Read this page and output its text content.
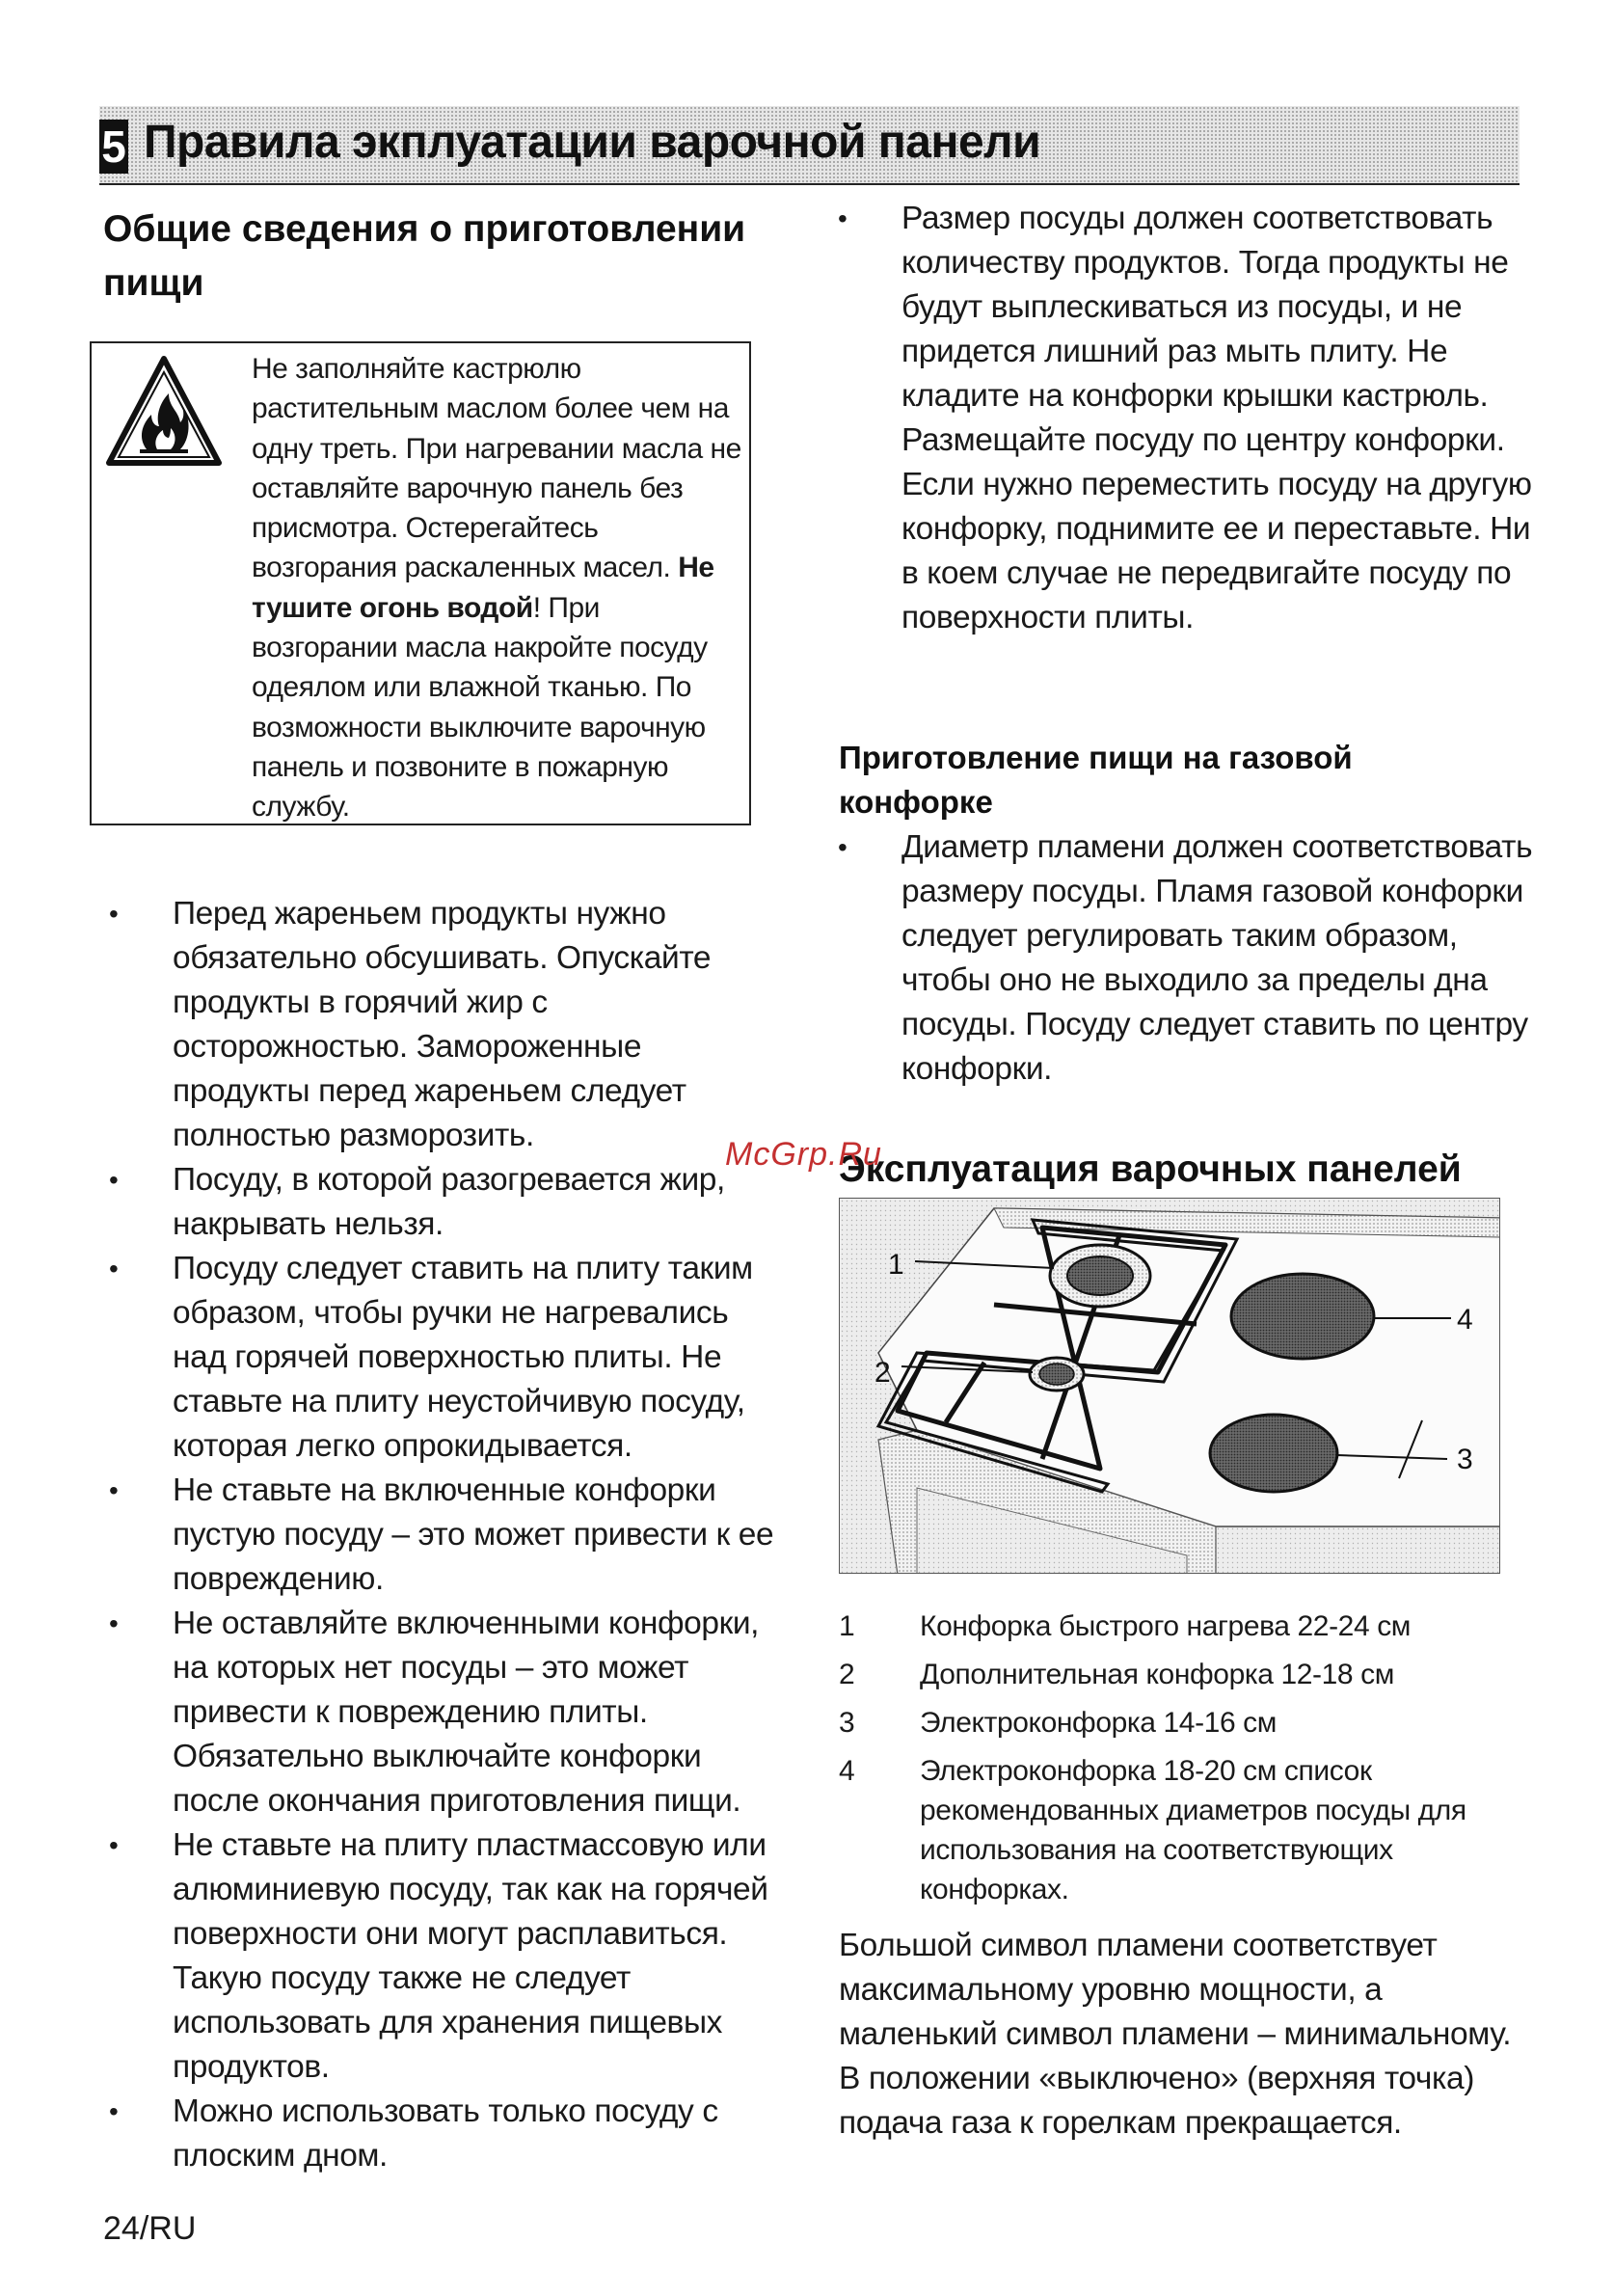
5 Правила экплуатации варочной панели
Общие сведения о приготовлении
пищи
Не заполняйте кастрюлю растительным маслом более чем на одну треть. При нагревании масла не оставляйте варочную панель без присмотра. Остерегайтесь возгорания раскаленных масел. Не тушите огонь водой! При возгорании масла накройте посуду одеялом или влажной тканью. По возможности выключите варочную панель и позвоните в пожарную службу.
• Перед жареньем продукты нужно обязательно обсушивать. Опускайте продукты в горячий жир с осторожностью. Замороженные продукты перед жареньем следует полностью разморозить.
• Посуду, в которой разогревается жир, накрывать нельзя.
• Посуду следует ставить на плиту таким образом, чтобы ручки не нагревались над горячей поверхностью плиты. Не ставьте на плиту неустойчивую посуду, которая легко опрокидывается.
• Не ставьте на включенные конфорки пустую посуду – это может привести к ее повреждению.
• Не оставляйте включенными конфорки, на которых нет посуды – это может привести к повреждению плиты. Обязательно выключайте конфорки после окончания приготовления пищи.
• Не ставьте на плиту пластмассовую или алюминиевую посуду, так как на горячей поверхности они могут расплавиться. Такую посуду также не следует использовать для хранения пищевых продуктов.
• Можно использовать только посуду с плоским дном.
• Размер посуды должен соответствовать количеству продуктов. Тогда продукты не будут выплескиваться из посуды, и не придется лишний раз мыть плиту. Не кладите на конфорки крышки кастрюль. Размещайте посуду по центру конфорки. Если нужно переместить посуду на другую конфорку, поднимите ее и переставьте. Ни в коем случае не передвигайте посуду по поверхности плиты.
Приготовление пищи на газовой
конфорке
• Диаметр пламени должен соответствовать размеру посуды. Пламя газовой конфорки следует регулировать таким образом, чтобы оно не выходило за пределы дна посуды. Посуду следует ставить по центру конфорки.
Эксплуатация варочных панелей
McGrp.Ru
1
2
3
4
1 Конфорка быстрого нагрева 22-24 см
2 Дополнительная конфорка 12-18 см
3 Электроконфорка 14-16 см
4 Электроконфорка 18-20 см список рекомендованных диаметров посуды для использования на соответствующих конфорках.

Большой символ пламени соответствует максимальному уровню мощности, а маленький символ пламени – минимальному. В положении «выключено» (верхняя точка) подача газа к горелкам прекращается.

24/RU
